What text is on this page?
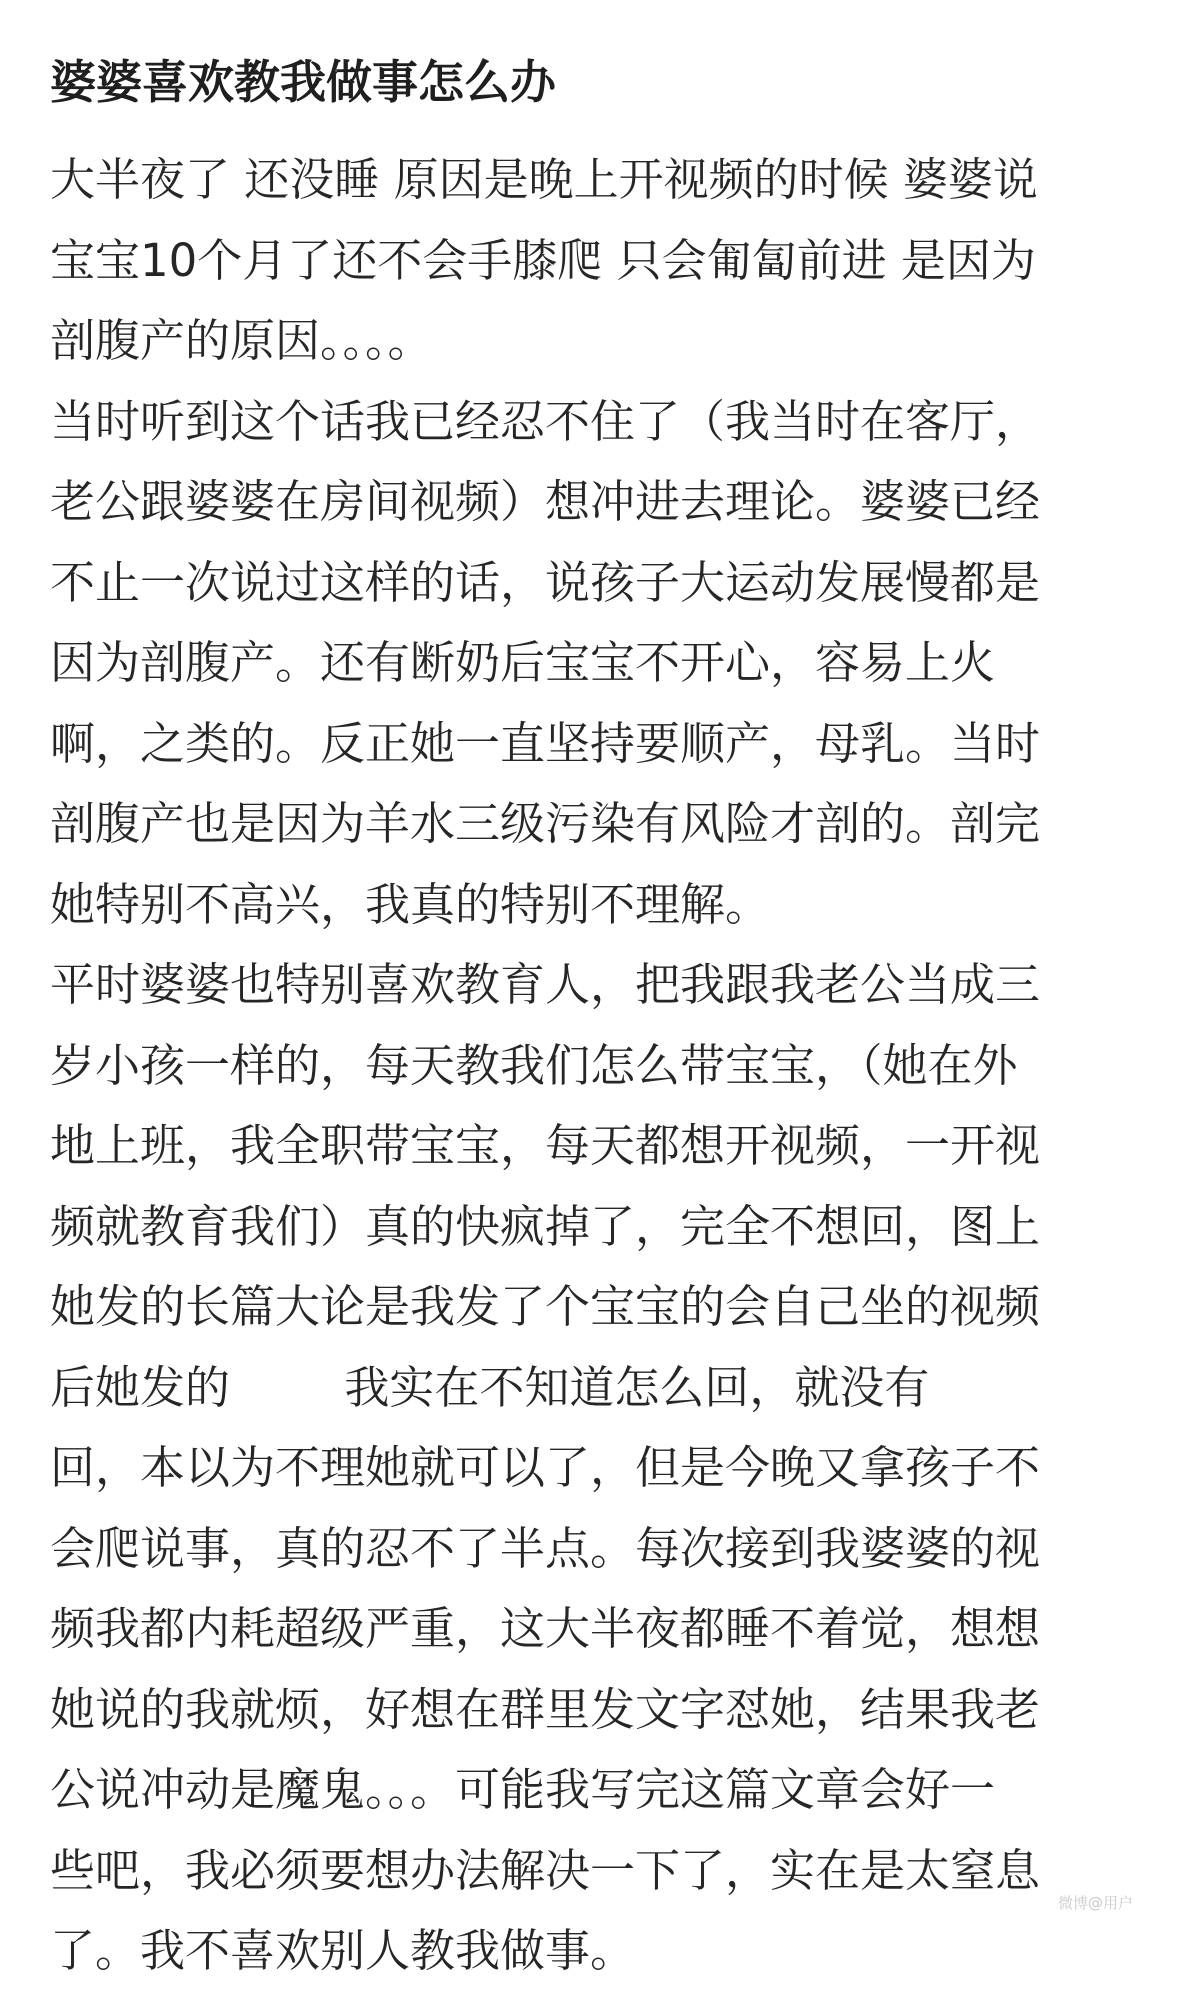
婆婆喜欢教我做事怎么办
大半夜了 还没睡 原因是晚上开视频的时候 婆婆说
宝宝10个月了还不会手膝爬 只会匍匐前进 是因为
剖腹产的原因。。。。
当时听到这个话我已经忍不住了（我当时在客厅，
老公跟婆婆在房间视频）想冲进去理论。婆婆已经
不止一次说过这样的话，说孩子大运动发展慢都是
因为剖腹产。还有断奶后宝宝不开心，容易上火
啊，之类的。反正她一直坚持要顺产，母乳。当时
剖腹产也是因为羊水三级污染有风险才剖的。剖完
她特别不高兴，我真的特别不理解。
平时婆婆也特别喜欢教育人，把我跟我老公当成三
岁小孩一样的，每天教我们怎么带宝宝，（她在外
地上班，我全职带宝宝，每天都想开视频，一开视
频就教育我们）真的快疯掉了，完全不想回，图上
她发的长篇大论是我发了个宝宝的会自己坐的视频
后她发的        我实在不知道怎么回，就没有
回，本以为不理她就可以了，但是今晚又拿孩子不
会爬说事，真的忍不了半点。每次接到我婆婆的视
频我都内耗超级严重，这大半夜都睡不着觉，想想
她说的我就烦，好想在群里发文字怼她，结果我老
公说冲动是魔鬼。。。可能我写完这篇文章会好一
些吧，我必须要想办法解决一下了，实在是太窒息
了。我不喜欢别人教我做事。
微博@用户
